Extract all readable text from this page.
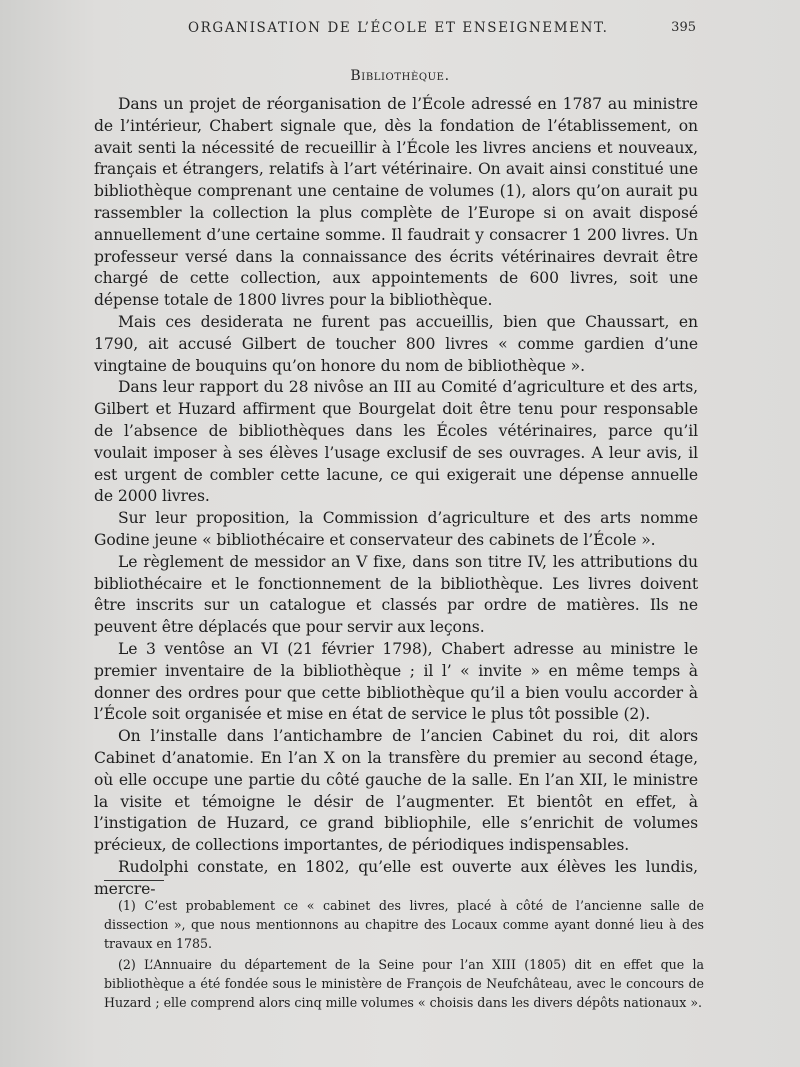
ORGANISATION DE L’ÉCOLE ET ENSEIGNEMENT.	395
Bibliothèque.

Dans un projet de réorganisation de l’École adressé en 1787 au ministre de l’intérieur, Chabert signale que, dès la fondation de l’établissement, on avait senti la nécessité de recueillir à l’École les livres anciens et nouveaux, français et étrangers, relatifs à l’art vétérinaire. On avait ainsi constitué une bibliothèque comprenant une centaine de volumes (1), alors qu’on aurait pu rassembler la collection la plus complète de l’Europe si on avait disposé annuellement d’une certaine somme. Il faudrait y consacrer 1 200 livres. Un professeur versé dans la connaissance des écrits vétérinaires devrait être chargé de cette collection, aux appointements de 600 livres, soit une dépense totale de 1800 livres pour la bibliothèque.

Mais ces desiderata ne furent pas accueillis, bien que Chaussart, en 1790, ait accusé Gilbert de toucher 800 livres « comme gardien d’une vingtaine de bouquins qu’on honore du nom de bibliothèque ».

Dans leur rapport du 28 nivôse an III au Comité d’agriculture et des arts, Gilbert et Huzard affirment que Bourgelat doit être tenu pour responsable de l’absence de bibliothèques dans les Écoles vétérinaires, parce qu’il voulait imposer à ses élèves l’usage exclusif de ses ouvrages. A leur avis, il est urgent de combler cette lacune, ce qui exigerait une dépense annuelle de 2000 livres.

Sur leur proposition, la Commission d’agriculture et des arts nomme Godine jeune « bibliothécaire et conservateur des cabinets de l’École ».

Le règlement de messidor an V fixe, dans son titre IV, les attributions du bibliothécaire et le fonctionnement de la bibliothèque. Les livres doivent être inscrits sur un catalogue et classés par ordre de matières. Ils ne peuvent être déplacés que pour servir aux leçons.

Le 3 ventôse an VI (21 février 1798), Chabert adresse au ministre le premier inventaire de la bibliothèque ; il l’ « invite » en même temps à donner des ordres pour que cette bibliothèque qu’il a bien voulu accorder à l’École soit organisée et mise en état de service le plus tôt possible (2).

On l’installe dans l’antichambre de l’ancien Cabinet du roi, dit alors Cabinet d’anatomie. En l’an X on la transfère du premier au second étage, où elle occupe une partie du côté gauche de la salle. En l’an XII, le ministre la visite et témoigne le désir de l’augmenter. Et bientôt en effet, à l’instigation de Huzard, ce grand bibliophile, elle s’enrichit de volumes précieux, de collections importantes, de périodiques indispensables.

Rudolphi constate, en 1802, qu’elle est ouverte aux élèves les lundis, mercre-

(1) C’est probablement ce « cabinet des livres, placé à côté de l’ancienne salle de dissection », que nous mentionnons au chapitre des Locaux comme ayant donné lieu à des travaux en 1785.

(2) L’Annuaire du département de la Seine pour l’an XIII (1805) dit en effet que la bibliothèque a été fondée sous le ministère de François de Neufchâteau, avec le concours de Huzard ; elle comprend alors cinq mille volumes « choisis dans les divers dépôts nationaux ».
